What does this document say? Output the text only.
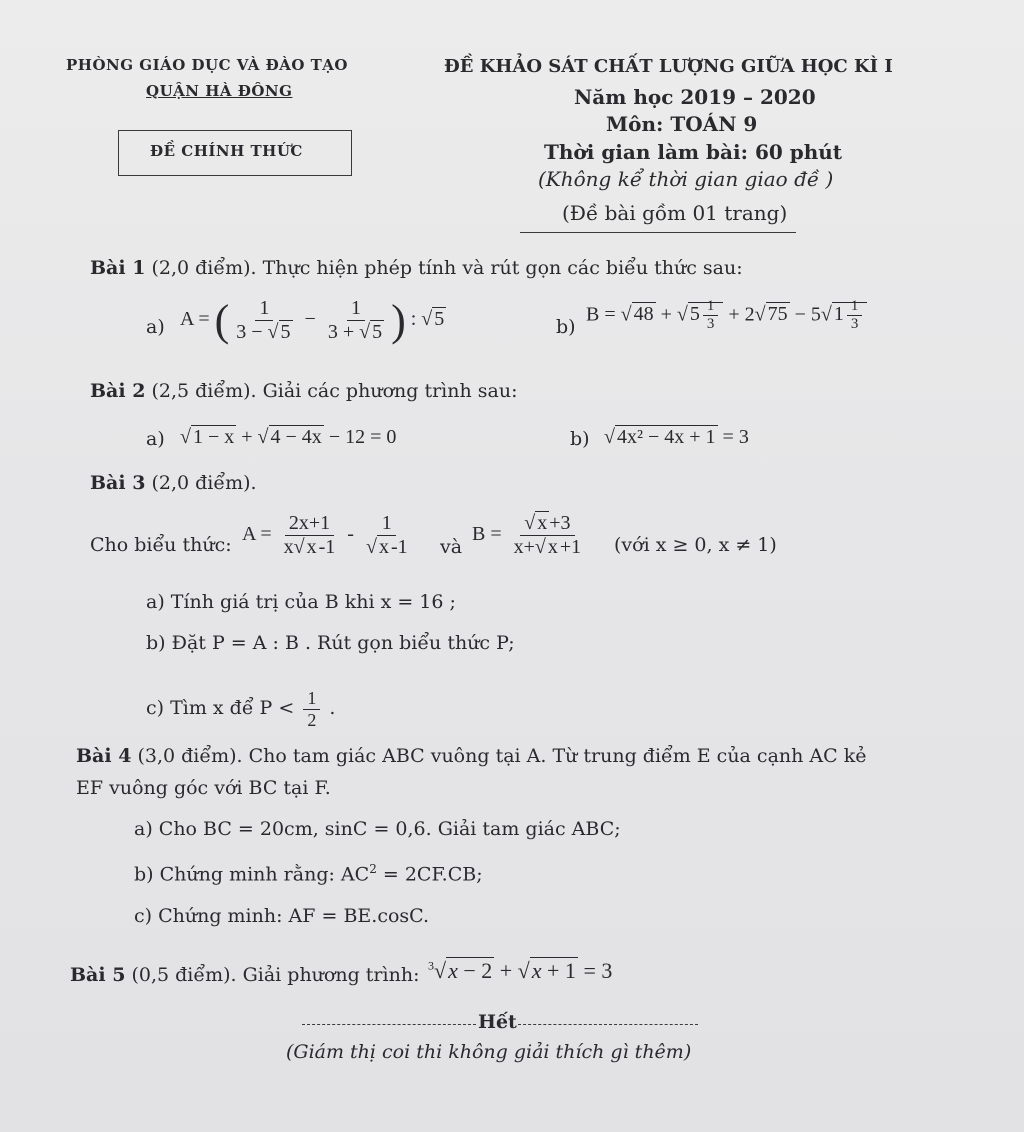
PHÒNG GIÁO DỤC VÀ ĐÀO TẠO
QUẬN HÀ ĐÔNG
ĐỀ CHÍNH THỨC
ĐỀ KHẢO SÁT CHẤT LƯỢNG GIỮA HỌC KÌ I
Năm học 2019 – 2020
Môn: TOÁN 9
Thời gian làm bài: 60 phút
(Không kể thời gian giao đề )
(Đề bài gồm 01 trang)
Bài 1 (2,0 điểm). Thực hiện phép tính và rút gọn các biểu thức sau:
a) A = ( $\frac{1}{3 - √ 5} - \frac{1}{3 + √ 5}$ ) : √ 5	b)
B = √ 48 + √ $5 \frac{1}{3} + 2√$ 75 − 5√ $1 \frac{1}{3}$
Bài 2 (2,5 điểm). Giải các phương trình sau:
a) √ 1 − x + √ 4 − 4x − 12 = 0	b) √ 4x² − 4x + 1 = 3
Bài 3 (2,0 điểm).
Cho biểu thức: $A = \frac{2x+1}{x√ x -1} - \frac{1}{√ x -1}$ và
$B = \frac{√ x +3}{x+√ x +1}$ (với x ≥ 0, x ≠ 1)
a) Tính giá trị của B khi x = 16 ;
b) Đặt P = A : B . Rút gọn biểu thức P;
c) Tìm x để $P < \frac{1}{2}$ .
Bài 4 (3,0 điểm). Cho tam giác ABC vuông tại A. Từ trung điểm E của cạnh AC kẻ
EF vuông góc với BC tại F.
a) Cho BC = 20cm, sinC = 0,6. Giải tam giác ABC;
b) Chứng minh rằng: $AC^2 = 2CF.CB$;
c) Chứng minh: AF = BE.cosC.
Bài 5 (0,5 điểm). Giải phương trình: $^3$√x − 2 + √x + 1 = 3
Hết
(Giám thị coi thi không giải thích gì thêm)
